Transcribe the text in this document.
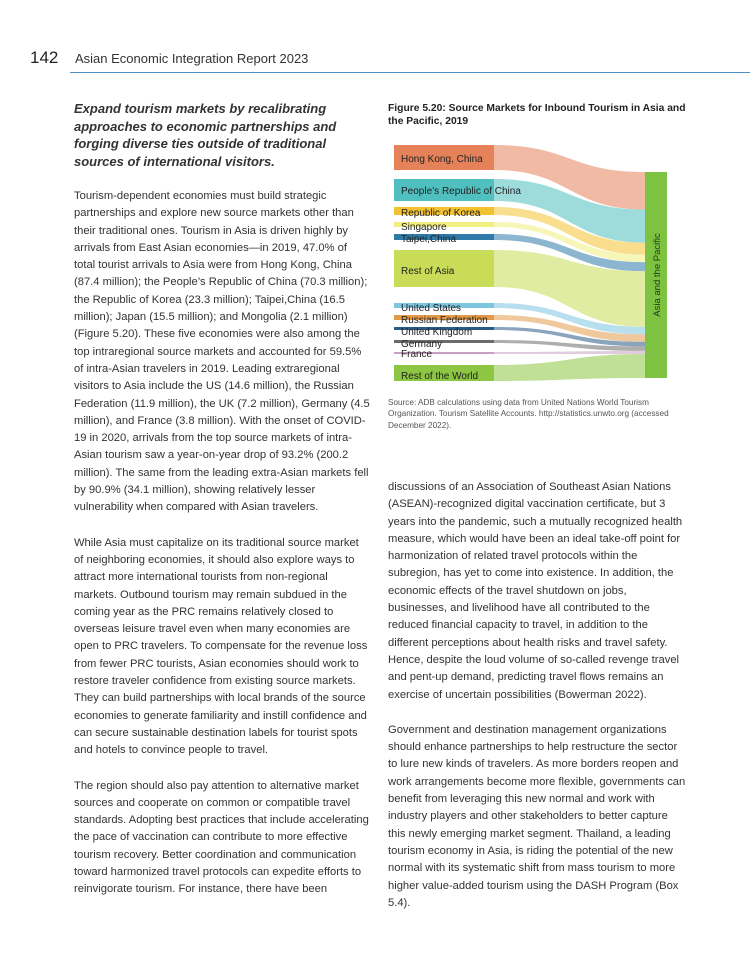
142 Asian Economic Integration Report 2023

Expand tourism markets by recalibrating approaches to economic partnerships and forging diverse ties outside of traditional sources of international visitors.

Tourism-dependent economies must build strategic partnerships and explore new source markets other than their traditional ones. Tourism in Asia is driven highly by arrivals from East Asian economies—in 2019, 47.0% of total tourist arrivals to Asia were from Hong Kong, China (87.4 million); the People’s Republic of China (70.3 million); the Republic of Korea (23.3 million); Taipei,China (16.5 million); Japan (15.5 million); and Mongolia (2.1 million) (Figure 5.20). These five economies were also among the top intraregional source markets and accounted for 59.5% of intra-Asian travelers in 2019. Leading extraregional visitors to Asia include the US (14.6 million), the Russian Federation (11.9 million), the UK (7.2 million), Germany (4.5 million), and France (3.8 million). With the onset of COVID-19 in 2020, arrivals from the top source markets of intra-Asian tourism saw a year-on-year drop of 93.2% (200.2 million). The same from the leading extra-Asian markets fell by 90.9% (34.1 million), showing relatively lesser vulnerability when compared with Asian travelers.

While Asia must capitalize on its traditional source market of neighboring economies, it should also explore ways to attract more international tourists from non-regional markets. Outbound tourism may remain subdued in the coming year as the PRC remains relatively closed to overseas leisure travel even when many economies are open to PRC travelers. To compensate for the revenue loss from fewer PRC tourists, Asian economies should work to restore traveler confidence from existing source markets. They can build partnerships with local brands of the source economies to generate familiarity and instill confidence and can secure sustainable destination labels for tourist spots and hotels to convince people to travel.

The region should also pay attention to alternative market sources and cooperate on common or compatible travel standards. Adopting best practices that include accelerating the pace of vaccination can contribute to more effective tourism recovery. Better coordination and communication toward harmonized travel protocols can expedite efforts to reinvigorate tourism. For instance, there have been

Figure 5.20: Source Markets for Inbound Tourism in Asia and the Pacific, 2019
Hong Kong, China
People’s Republic of China
Republic of Korea
Singapore
Taipei,China
Rest of Asia
United States
Russian Federation
United Kingdom
Germany
France
Rest of the World
Asia and the Pacific
Source: ADB calculations using data from United Nations World Tourism Organization. Tourism Satellite Accounts. http://statistics.unwto.org (accessed December 2022).

discussions of an Association of Southeast Asian Nations (ASEAN)-recognized digital vaccination certificate, but 3 years into the pandemic, such a mutually recognized health measure, which would have been an ideal take-off point for harmonization of related travel protocols within the subregion, has yet to come into existence. In addition, the economic effects of the travel shutdown on jobs, businesses, and livelihood have all contributed to the reduced financial capacity to travel, in addition to the different perceptions about health risks and travel safety. Hence, despite the loud volume of so-called revenge travel and pent-up demand, predicting travel flows remains an exercise of uncertain possibilities (Bowerman 2022).

Government and destination management organizations should enhance partnerships to help restructure the sector to lure new kinds of travelers. As more borders reopen and work arrangements become more flexible, governments can benefit from leveraging this new normal and work with industry players and other stakeholders to better capture this newly emerging market segment. Thailand, a leading tourism economy in Asia, is riding the potential of the new normal with its systematic shift from mass tourism to more higher value-added tourism using the DASH Program (Box 5.4).
